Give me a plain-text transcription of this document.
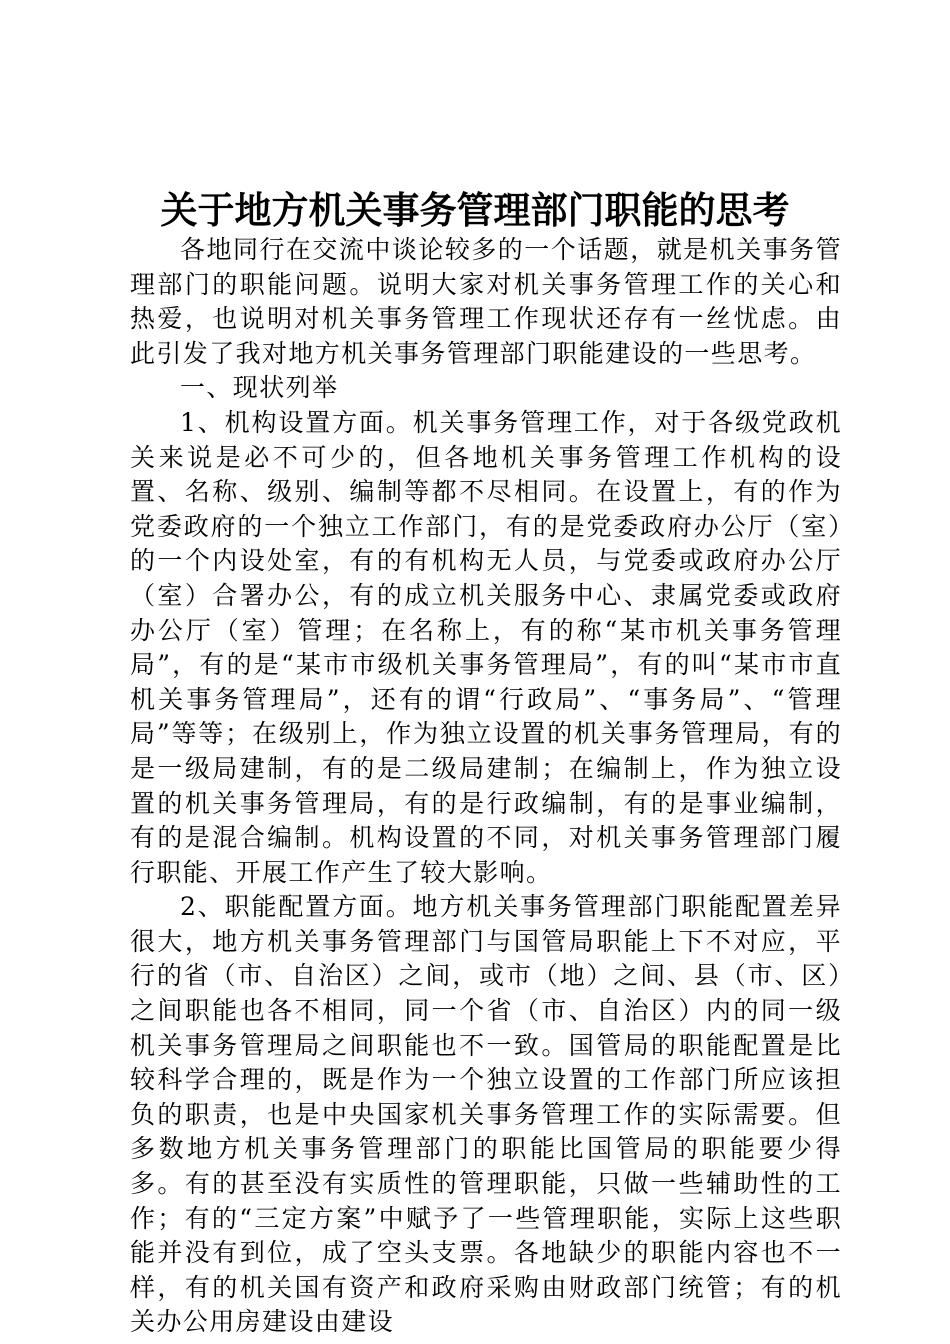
关于地方机关事务管理部门职能的思考

各地同行在交流中谈论较多的一个话题，就是机关事务管理部门的职能问题。说明大家对机关事务管理工作的关心和热爱，也说明对机关事务管理工作现状还存有一丝忧虑。由此引发了我对地方机关事务管理部门职能建设的一些思考。

一、现状列举

1、机构设置方面。机关事务管理工作，对于各级党政机关来说是必不可少的，但各地机关事务管理工作机构的设置、名称、级别、编制等都不尽相同。在设置上，有的作为党委政府的一个独立工作部门，有的是党委政府办公厅（室）的一个内设处室，有的有机构无人员，与党委或政府办公厅（室）合署办公，有的成立机关服务中心、隶属党委或政府办公厅（室）管理；在名称上，有的称“某市机关事务管理局”，有的是“某市市级机关事务管理局”，有的叫“某市市直机关事务管理局”，还有的谓“行政局”、“事务局”、“管理局”等等；在级别上，作为独立设置的机关事务管理局，有的是一级局建制，有的是二级局建制；在编制上，作为独立设置的机关事务管理局，有的是行政编制，有的是事业编制，有的是混合编制。机构设置的不同，对机关事务管理部门履行职能、开展工作产生了较大影响。

2、职能配置方面。地方机关事务管理部门职能配置差异很大，地方机关事务管理部门与国管局职能上下不对应，平行的省（市、自治区）之间，或市（地）之间、县（市、区）之间职能也各不相同，同一个省（市、自治区）内的同一级机关事务管理局之间职能也不一致。国管局的职能配置是比较科学合理的，既是作为一个独立设置的工作部门所应该担负的职责，也是中央国家机关事务管理工作的实际需要。但多数地方机关事务管理部门的职能比国管局的职能要少得多。有的甚至没有实质性的管理职能，只做一些辅助性的工作；有的“三定方案”中赋予了一些管理职能，实际上这些职能并没有到位，成了空头支票。各地缺少的职能内容也不一样，有的机关国有资产和政府采购由财政部门统管；有的机关办公用房建设由建设
